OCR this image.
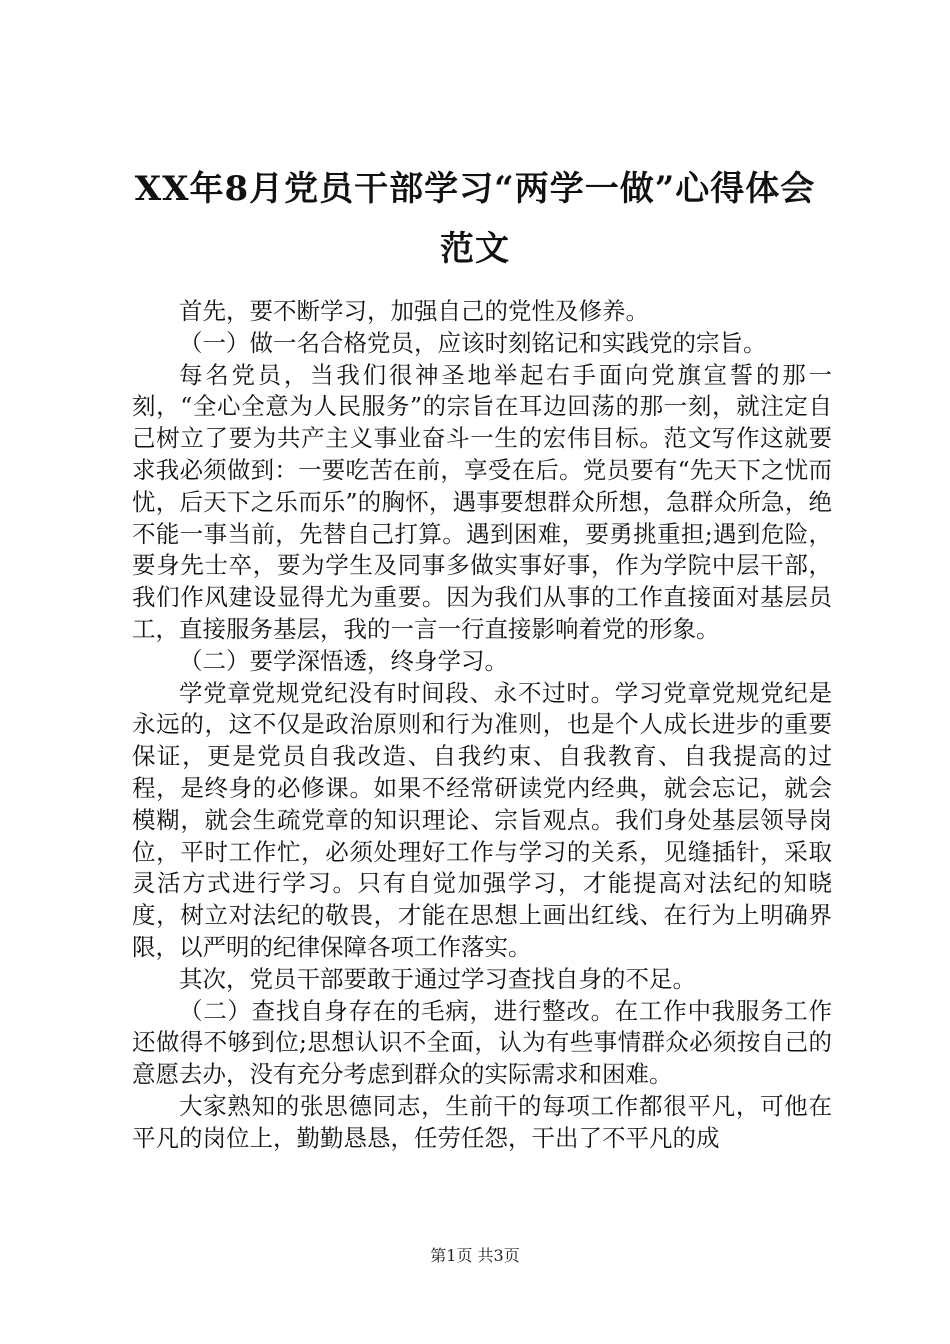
XX年8月党员干部学习“两学一做”心得体会
范文

首先，要不断学习，加强自己的党性及修养。

（一）做一名合格党员，应该时刻铭记和实践党的宗旨。

每名党员，当我们很神圣地举起右手面向党旗宣誓的那一刻，“全心全意为人民服务”的宗旨在耳边回荡的那一刻，就注定自己树立了要为共产主义事业奋斗一生的宏伟目标。范文写作这就要求我必须做到：一要吃苦在前，享受在后。党员要有“先天下之忧而忧，后天下之乐而乐”的胸怀，遇事要想群众所想，急群众所急，绝不能一事当前，先替自己打算。遇到困难，要勇挑重担;遇到危险，要身先士卒，要为学生及同事多做实事好事，作为学院中层干部，我们作风建设显得尤为重要。因为我们从事的工作直接面对基层员工，直接服务基层，我的一言一行直接影响着党的形象。

（二）要学深悟透，终身学习。

学党章党规党纪没有时间段、永不过时。学习党章党规党纪是永远的，这不仅是政治原则和行为准则，也是个人成长进步的重要保证，更是党员自我改造、自我约束、自我教育、自我提高的过程，是终身的必修课。如果不经常研读党内经典，就会忘记，就会模糊，就会生疏党章的知识理论、宗旨观点。我们身处基层领导岗位，平时工作忙，必须处理好工作与学习的关系，见缝插针，采取灵活方式进行学习。只有自觉加强学习，才能提高对法纪的知晓度，树立对法纪的敬畏，才能在思想上画出红线、在行为上明确界限，以严明的纪律保障各项工作落实。

其次，党员干部要敢于通过学习查找自身的不足。

（二）查找自身存在的毛病，进行整改。在工作中我服务工作还做得不够到位;思想认识不全面，认为有些事情群众必须按自己的意愿去办，没有充分考虑到群众的实际需求和困难。

大家熟知的张思德同志，生前干的每项工作都很平凡，可他在平凡的岗位上，勤勤恳恳，任劳任怨，干出了不平凡的成

第1页 共3页
